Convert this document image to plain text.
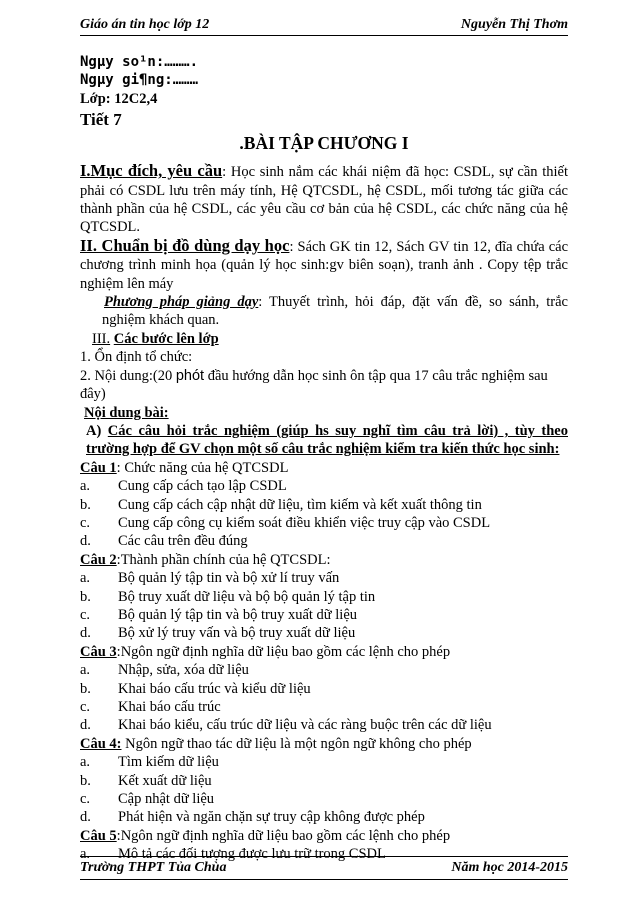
Giáo án tin học lớp 12	Nguyễn Thị Thơm
Ngµy so¹n:……….
Ngµy gi¶ng:………
Lớp: 12C2,4
Tiết 7
.BÀI TẬP CHƯƠNG I
I.Mục đích, yêu cầu: Học sinh nắm các khái niệm đã học: CSDL, sự cần thiết phải có CSDL lưu trên máy tính, Hệ QTCSDL, hệ CSDL, mối tương tác giữa các thành phần của hệ CSDL, các yêu cầu cơ bản của hệ CSDL, các chức năng của hệ QTCSDL.
II. Chuẩn bị đồ dùng dạy học: Sách GK tin 12, Sách GV tin 12, đĩa chứa các chương trình minh họa (quản lý học sinh:gv biên soạn), tranh ảnh . Copy tệp trắc nghiệm lên máy
Phương pháp giảng dạy: Thuyết trình, hỏi đáp, đặt vấn đề, so sánh, trắc nghiệm khách quan.
III. Các bước lên lớp
1. Ổn định tổ chức:
2. Nội dung:(20 phót đầu hướng dẫn học sinh ôn tập qua 17 câu trắc nghiệm sau đây)
Nội dung bài:
A) Các câu hỏi trắc nghiệm (giúp hs suy nghĩ tìm câu trả lời) , tùy theo trường hợp để GV chọn một số câu trắc nghiệm kiểm tra kiến thức học sinh:
Câu 1: Chức năng của hệ QTCSDL
a.	Cung cấp cách tạo lập CSDL
b.	Cung cấp cách cập nhật dữ liệu, tìm kiếm và kết xuất thông tin
c.	Cung cấp công cụ kiểm soát điều khiển việc truy cập vào CSDL
d.	Các câu trên đều đúng
Câu 2:Thành phần chính của hệ QTCSDL:
a.	Bộ quản lý tập tin và bộ xử lí truy vấn
b.	Bộ truy xuất dữ liệu và bộ bộ quản lý tập tin
c.	Bộ quản lý tập tin và bộ truy xuất dữ liệu
d.	Bộ xử lý truy vấn và bộ truy xuất dữ liệu
Câu 3:Ngôn ngữ định nghĩa dữ liệu bao gồm các lệnh cho phép
a.	Nhập, sửa, xóa dữ liệu
b.	Khai báo cấu trúc và kiểu dữ liệu
c.	Khai báo cấu trúc
d.	Khai báo kiểu, cấu trúc dữ liệu và các ràng buộc trên các dữ liệu
Câu 4: Ngôn ngữ thao tác dữ liệu là một ngôn ngữ không cho phép
a.	Tìm kiếm dữ liệu
b.	Kết xuất dữ liệu
c.	Cập nhật dữ liệu
d.	Phát hiện và ngăn chặn sự truy cập không được phép
Câu 5:Ngôn ngữ định nghĩa dữ liệu bao gồm các lệnh cho phép
a.	Mô tả các đối tượng được lưu trữ trong CSDL
Trường THPT Tủa Chùa	Năm học 2014-2015
